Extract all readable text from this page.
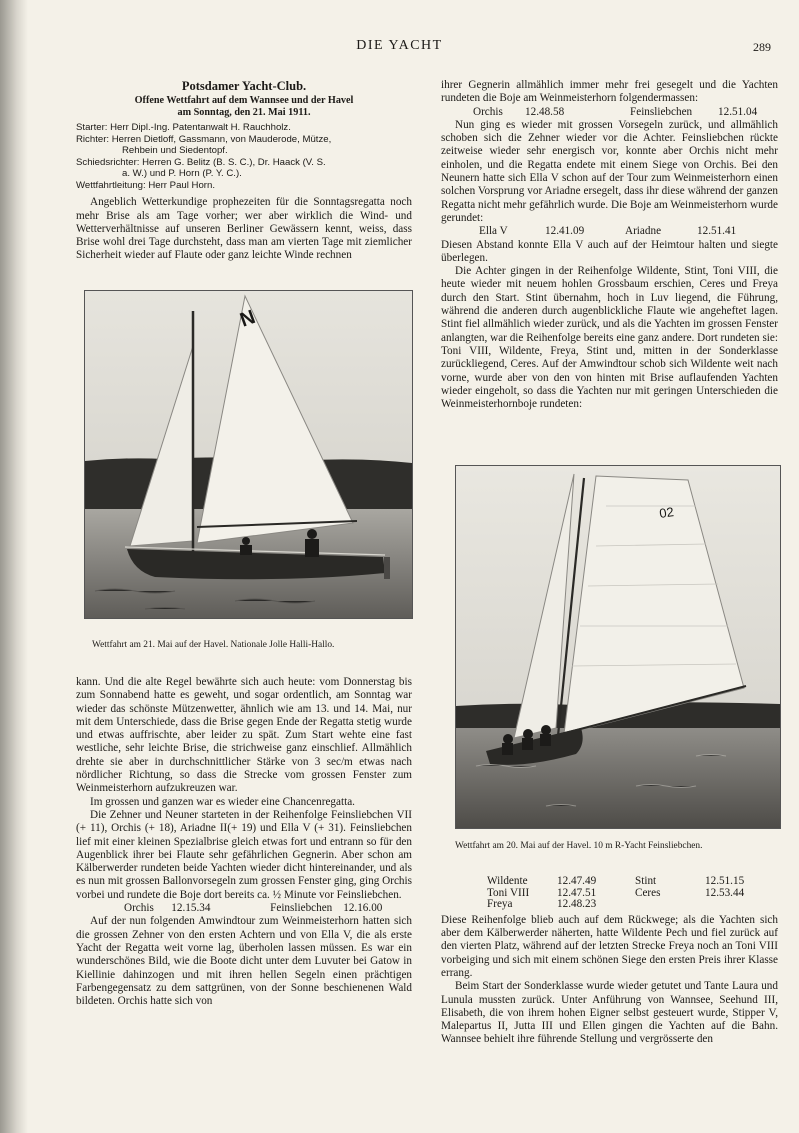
DIE YACHT	289
Potsdamer Yacht-Club.
Offene Wettfahrt auf dem Wannsee und der Havel
am Sonntag, den 21. Mai 1911.
Starter: Herr Dipl.-Ing. Patentanwalt H. Rauchholz.
Richter: Herren Dietloff, Gassmann, von Mauderode, Mütze,
Rehbein und Siedentopf.
Schiedsrichter: Herren G. Belitz (B. S. C.), Dr. Haack (V. S.
a. W.) und P. Horn (P. Y. C.).
Wettfahrtleitung: Herr Paul Horn.

Angeblich Wetterkundige prophezeiten für die Sonntagsregatta noch mehr Brise als am Tage vorher; wer aber wirklich die Wind- und Wetterverhältnisse auf unseren Berliner Gewässern kennt, weiss, dass Brise wohl drei Tage durchsteht, dass man am vierten Tage mit ziemlicher Sicherheit wieder auf Flaute oder ganz leichte Winde rechnen

N
Wettfahrt am 21. Mai auf der Havel. Nationale Jolle Halli-Hallo.

kann. Und die alte Regel bewährte sich auch heute: vom Donnerstag bis zum Sonnabend hatte es geweht, und sogar ordentlich, am Sonntag war wieder das schönste Mützenwetter, ähnlich wie am 13. und 14. Mai, nur mit dem Unterschiede, dass die Brise gegen Ende der Regatta stetig wurde und etwas auffrischte, aber leider zu spät. Zum Start wehte eine fast westliche, sehr leichte Brise, die strichweise ganz einschlief. Allmählich drehte sie aber in durchschnittlicher Stärke von 3 sec/m etwas nach nördlicher Richtung, so dass die Strecke vom grossen Fenster zum Weinmeisterhorn aufzukreuzen war.

Im grossen und ganzen war es wieder eine Chancenregatta.

Die Zehner und Neuner starteten in der Reihenfolge Feinsliebchen VII (+ 11), Orchis (+ 18), Ariadne II(+ 19) und Ella V (+ 31). Feinsliebchen lief mit einer kleinen Spezialbrise gleich etwas fort und entrann so für den Augenblick ihrer bei Flaute sehr gefährlichen Gegnerin. Aber schon am Kälberwerder rundeten beide Yachten wieder dicht hintereinander, und als es nun mit grossen Ballonvorsegeln zum grossen Fenster ging, ging Orchis vorbei und rundete die Boje dort bereits ca. ½ Minute vor Feinsliebchen.

Orchis	12.15.34	Feinsliebchen 12.16.00

Auf der nun folgenden Amwindtour zum Weinmeisterhorn hatten sich die grossen Zehner von den ersten Achtern und von Ella V, die als erste Yacht der Regatta weit vorne lag, überholen lassen müssen. Es war ein wunderschönes Bild, wie die Boote dicht unter dem Luvuter bei Gatow in Kiellinie dahinzogen und mit ihren hellen Segeln einen prächtigen Farbengegensatz zu dem sattgrünen, von der Sonne beschienenen Wald bildeten. Orchis hatte sich von

ihrer Gegnerin allmählich immer mehr frei gesegelt und die Yachten rundeten die Boje am Weinmeisterhorn folgendermassen:

Orchis	12.48.58	Feinsliebchen	12.51.04

Nun ging es wieder mit grossen Vorsegeln zurück, und allmählich schoben sich die Zehner wieder vor die Achter. Feinsliebchen rückte zeitweise wieder sehr energisch vor, konnte aber Orchis nicht mehr einholen, und die Regatta endete mit einem Siege von Orchis. Bei den Neunern hatte sich Ella V schon auf der Tour zum Weinmeisterhorn einen solchen Vorsprung vor Ariadne ersegelt, dass ihr diese während der ganzen Regatta nicht mehr gefährlich wurde. Die Boje am Weinmeisterhorn wurde gerundet:

Ella V	12.41.09	Ariadne	12.51.41

Diesen Abstand konnte Ella V auch auf der Heimtour halten und siegte überlegen.

Die Achter gingen in der Reihenfolge Wildente, Stint, Toni VIII, die heute wieder mit neuem hohlen Grossbaum erschien, Ceres und Freya durch den Start. Stint übernahm, hoch in Luv liegend, die Führung, während die anderen durch augenblickliche Flaute wie angeheftet lagen. Stint fiel allmählich wieder zurück, und als die Yachten im grossen Fenster anlangten, war die Reihenfolge bereits eine ganz andere. Dort rundeten sie: Toni VIII, Wildente, Freya, Stint und, mitten in der Sonderklasse zurückliegend, Ceres. Auf der Amwindtour schob sich Wildente weit nach vorne, wurde aber von den von hinten mit Brise auflaufenden Yachten wieder eingeholt, so dass die Yachten nur mit geringen Unterschieden die Weinmeisterhornboje rundeten:

02
Wettfahrt am 20. Mai auf der Havel. 10 m R-Yacht Feinsliebchen.
Wildente	12.47.49	Stint	12.51.15
Toni VIII	12.47.51	Ceres	12.53.44
Freya	12.48.23

Diese Reihenfolge blieb auch auf dem Rückwege; als die Yachten sich aber dem Kälberwerder näherten, hatte Wildente Pech und fiel zurück auf den vierten Platz, während auf der letzten Strecke Freya noch an Toni VIII vorbeiging und sich mit einem schönen Siege den ersten Preis ihrer Klasse errang.

Beim Start der Sonderklasse wurde wieder getutet und Tante Laura und Lunula mussten zurück. Unter Anführung von Wannsee, Seehund III, Elisabeth, die von ihrem hohen Eigner selbst gesteuert wurde, Stipper V, Malepartus II, Jutta III und Ellen gingen die Yachten auf die Bahn. Wannsee behielt ihre führende Stellung und vergrösserte den
